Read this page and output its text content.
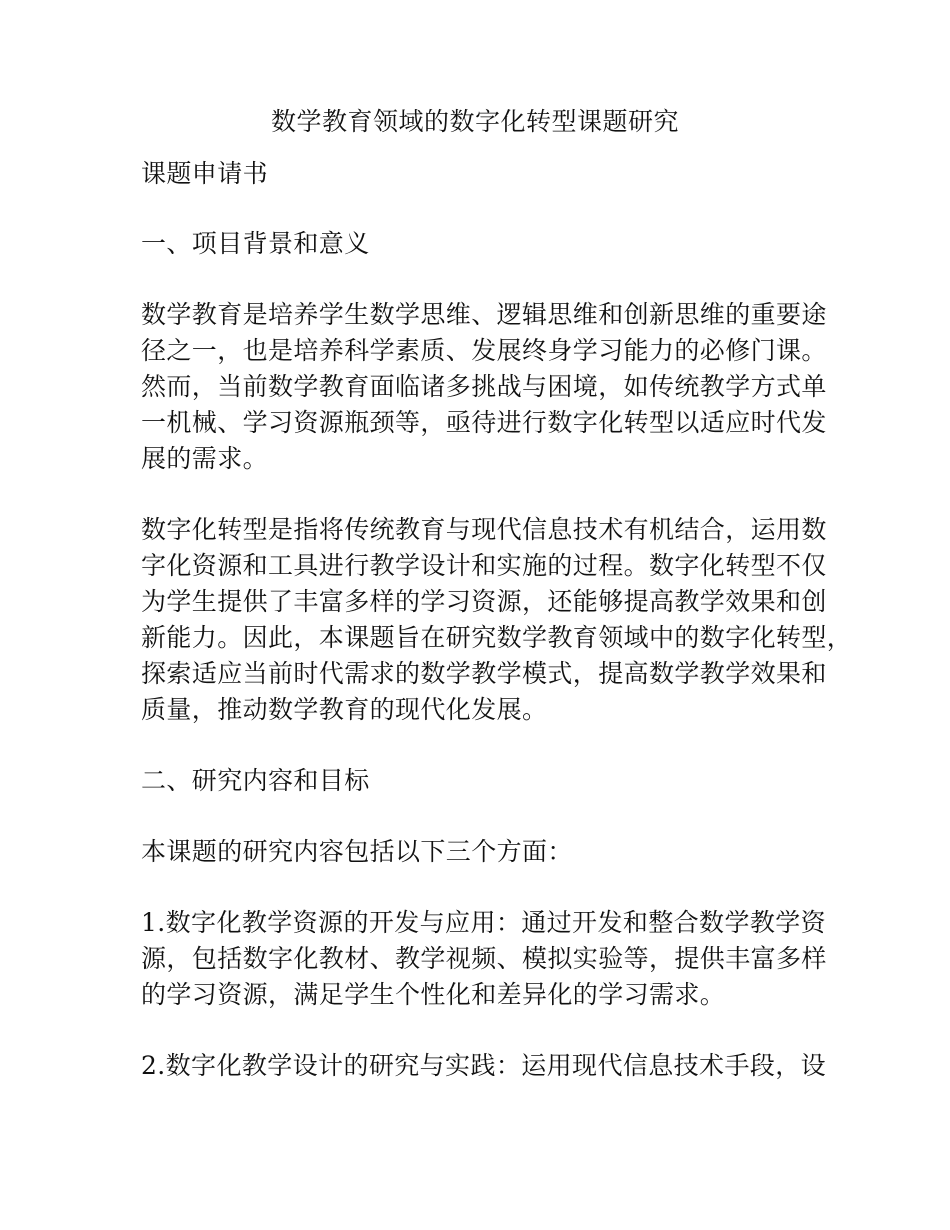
数学教育领域的数字化转型课题研究
课题申请书
一、项目背景和意义
数学教育是培养学生数学思维、逻辑思维和创新思维的重要途
径之一，也是培养科学素质、发展终身学习能力的必修门课。
然而，当前数学教育面临诸多挑战与困境，如传统教学方式单
一机械、学习资源瓶颈等，亟待进行数字化转型以适应时代发
展的需求。
数字化转型是指将传统教育与现代信息技术有机结合，运用数
字化资源和工具进行教学设计和实施的过程。数字化转型不仅
为学生提供了丰富多样的学习资源，还能够提高教学效果和创
新能力。因此，本课题旨在研究数学教育领域中的数字化转型，
探索适应当前时代需求的数学教学模式，提高数学教学效果和
质量，推动数学教育的现代化发展。
二、研究内容和目标
本课题的研究内容包括以下三个方面：
1.数字化教学资源的开发与应用：通过开发和整合数学教学资
源，包括数字化教材、教学视频、模拟实验等，提供丰富多样
的学习资源，满足学生个性化和差异化的学习需求。
2.数字化教学设计的研究与实践：运用现代信息技术手段，设
